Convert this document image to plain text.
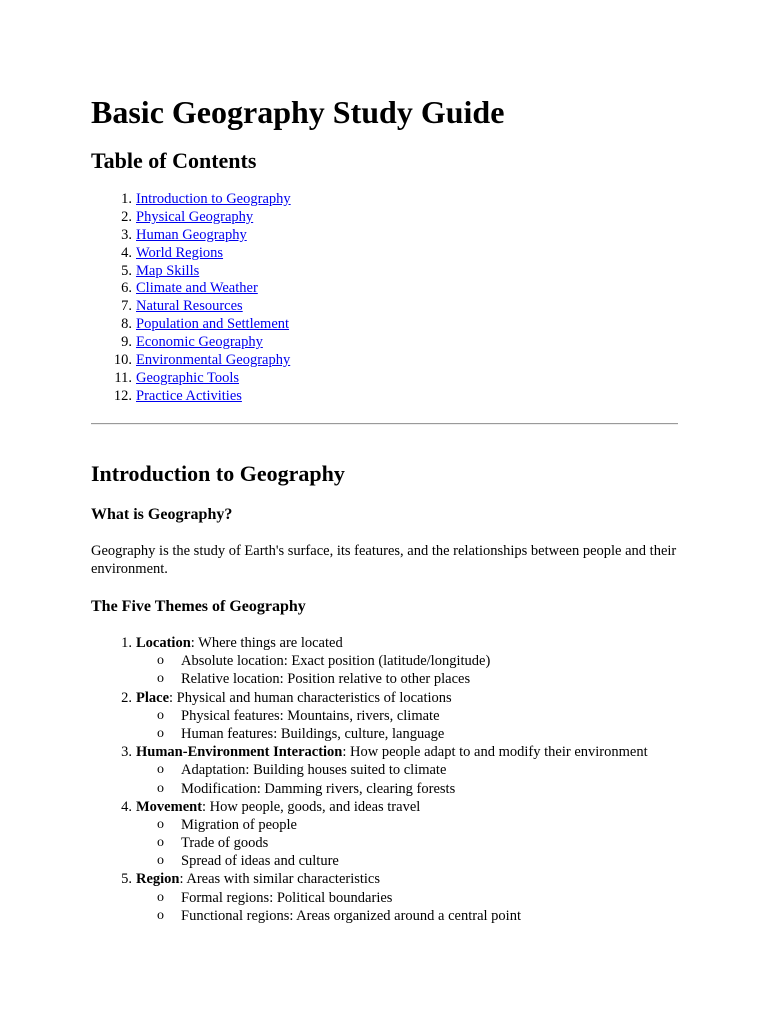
Basic Geography Study Guide
Table of Contents
1. Introduction to Geography
2. Physical Geography
3. Human Geography
4. World Regions
5. Map Skills
6. Climate and Weather
7. Natural Resources
8. Population and Settlement
9. Economic Geography
10. Environmental Geography
11. Geographic Tools
12. Practice Activities
Introduction to Geography
What is Geography?

Geography is the study of Earth's surface, its features, and the relationships between people and their environment.

The Five Themes of Geography
1. Location: Where things are located
o Absolute location: Exact position (latitude/longitude)
o Relative location: Position relative to other places
2. Place: Physical and human characteristics of locations
o Physical features: Mountains, rivers, climate
o Human features: Buildings, culture, language
3. Human-Environment Interaction: How people adapt to and modify their environment
o Adaptation: Building houses suited to climate
o Modification: Damming rivers, clearing forests
4. Movement: How people, goods, and ideas travel
o Migration of people
o Trade of goods
o Spread of ideas and culture
5. Region: Areas with similar characteristics
o Formal regions: Political boundaries
o Functional regions: Areas organized around a central point
